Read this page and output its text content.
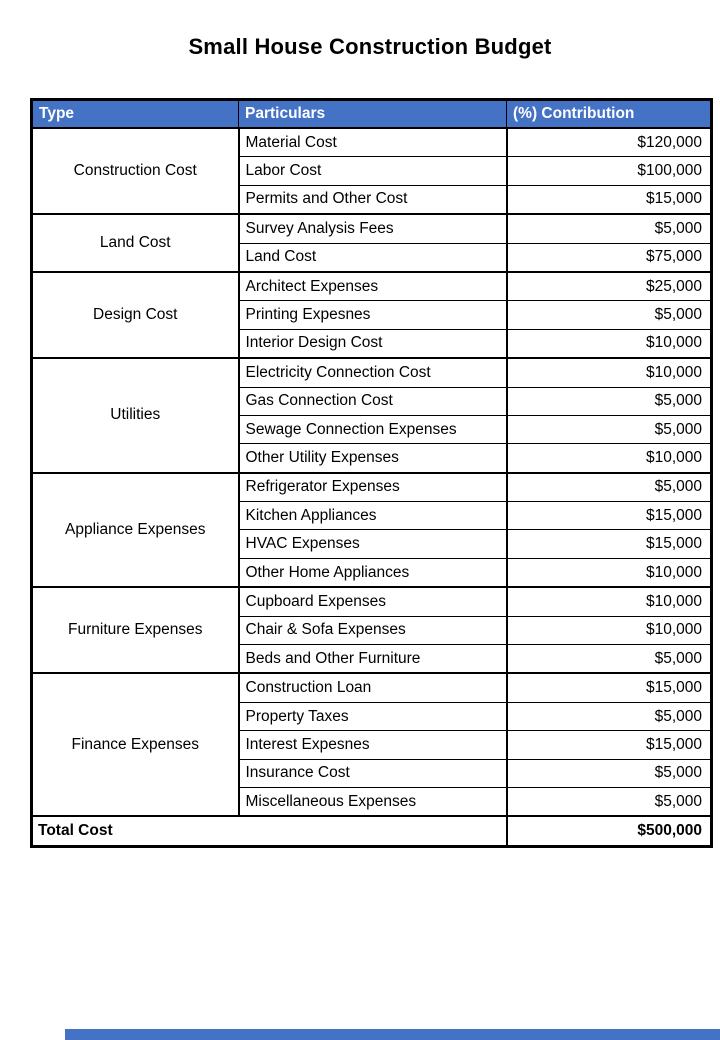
Small House Construction Budget
Type	Particulars	(%) Contribution
Construction Cost	Material Cost	$120,000
	Labor Cost	$100,000
	Permits and Other Cost	$15,000
Land Cost	Survey Analysis Fees	$5,000
	Land Cost	$75,000
Design Cost	Architect Expenses	$25,000
	Printing Expesnes	$5,000
	Interior Design Cost	$10,000
Utilities	Electricity Connection Cost	$10,000
	Gas Connection Cost	$5,000
	Sewage Connection Expenses	$5,000
	Other Utility Expenses	$10,000
Appliance Expenses	Refrigerator Expenses	$5,000
	Kitchen Appliances	$15,000
	HVAC Expenses	$15,000
	Other Home Appliances	$10,000
Furniture Expenses	Cupboard Expenses	$10,000
	Chair & Sofa Expenses	$10,000
	Beds and Other Furniture	$5,000
Finance Expenses	Construction Loan	$15,000
	Property Taxes	$5,000
	Interest Expesnes	$15,000
	Insurance Cost	$5,000
	Miscellaneous Expenses	$5,000
Total Cost		$500,000
